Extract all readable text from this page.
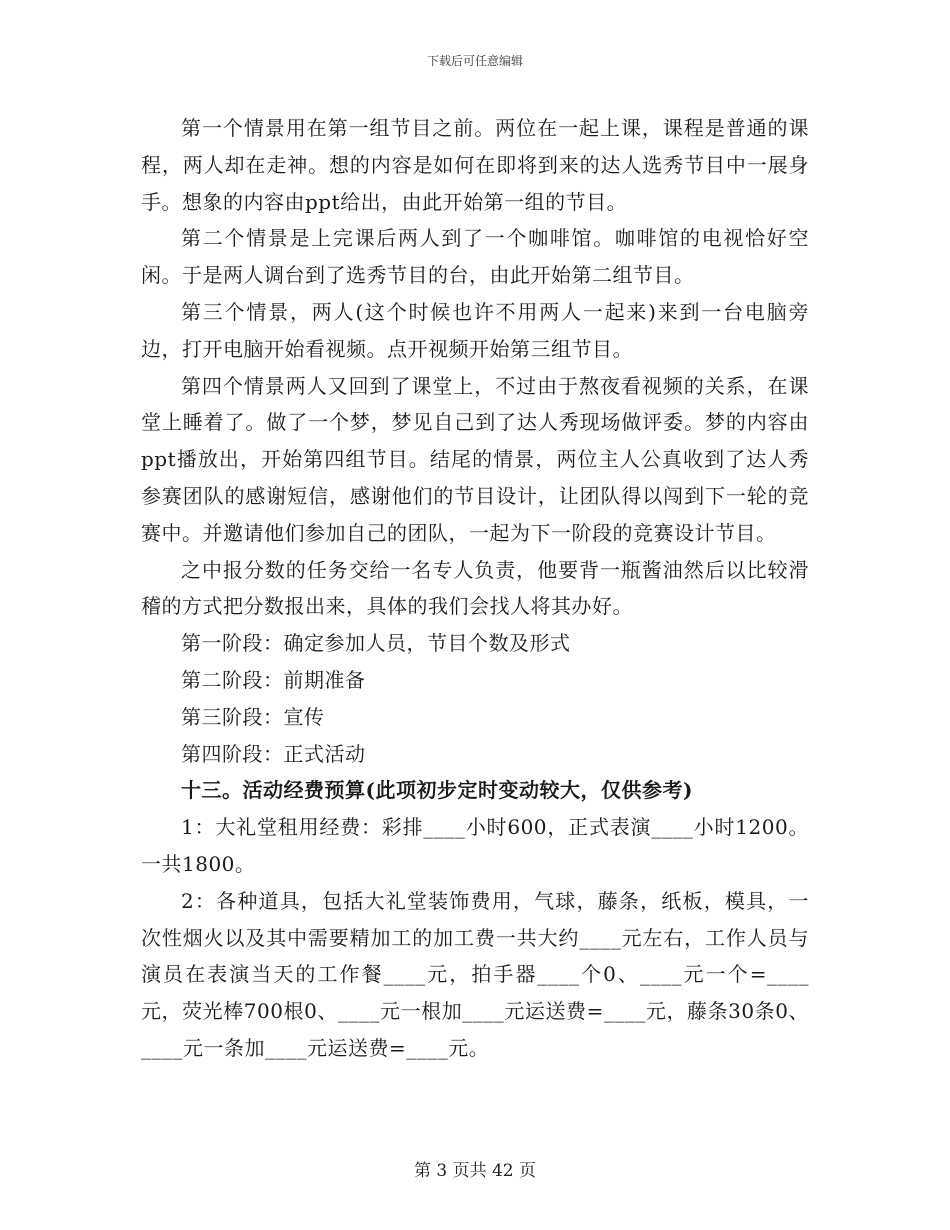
下载后可任意编辑

第一个情景用在第一组节目之前。两位在一起上课，课程是普通的课程，两人却在走神。想的内容是如何在即将到来的达人选秀节目中一展身手。想象的内容由ppt给出，由此开始第一组的节目。

第二个情景是上完课后两人到了一个咖啡馆。咖啡馆的电视恰好空闲。于是两人调台到了选秀节目的台，由此开始第二组节目。

第三个情景，两人(这个时候也许不用两人一起来)来到一台电脑旁边，打开电脑开始看视频。点开视频开始第三组节目。

第四个情景两人又回到了课堂上，不过由于熬夜看视频的关系，在课堂上睡着了。做了一个梦，梦见自己到了达人秀现场做评委。梦的内容由ppt播放出，开始第四组节目。结尾的情景，两位主人公真收到了达人秀参赛团队的感谢短信，感谢他们的节目设计，让团队得以闯到下一轮的竞赛中。并邀请他们参加自己的团队，一起为下一阶段的竞赛设计节目。

之中报分数的任务交给一名专人负责，他要背一瓶酱油然后以比较滑稽的方式把分数报出来，具体的我们会找人将其办好。

第一阶段：确定参加人员，节目个数及形式

第二阶段：前期准备

第三阶段：宣传

第四阶段：正式活动

十三。活动经费预算(此项初步定时变动较大，仅供参考)

1：大礼堂租用经费：彩排____小时600，正式表演____小时1200。一共1800。

2：各种道具，包括大礼堂装饰费用，气球，藤条，纸板，模具，一次性烟火以及其中需要精加工的加工费一共大约____元左右，工作人员与演员在表演当天的工作餐____元，拍手器____个0、____元一个=____元，荧光棒700根0、____元一根加____元运送费=____元，藤条30条0、____元一条加____元运送费=____元。

第 3 页共 42 页
